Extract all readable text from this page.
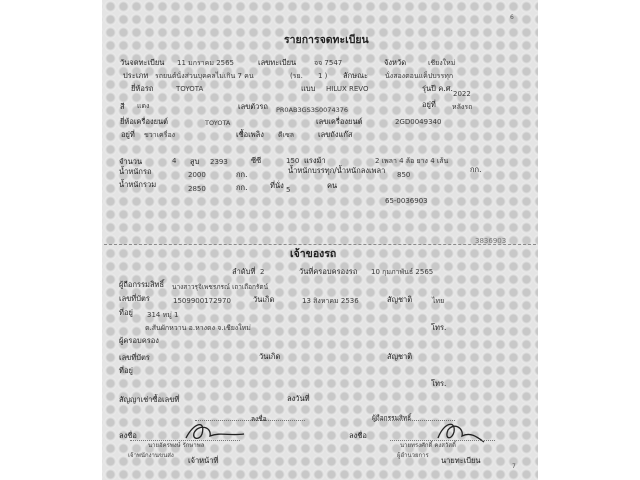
6
รายการจดทะเบียน
วันจดทะเบียน 11 มกราคม 2565	เลขทะเบียน	จจ 7547	จังหวัด	เชียงใหม่
ประเภท รถยนต์นั่งส่วนบุคคลไม่เกิน 7 คน	(รย. 1 ) ลักษณะ นั่งสองตอนแค็ปบรรทุก
ยี่ห้อรถ	TOYOTA	แบบ HILUX REVO	รุ่นปี ค.ศ.
2022
สี แดง	เลขตัวรถ PR0AB3GS3S0074376
อยู่ที่ หลังรถ
ยี่ห้อเครื่องยนต์	TOYOTA	เลขเครื่องยนต์	2GD0049340
อยู่ที่ ขวาเครื่อง	เชื้อเพลิง ดีเซล	เลขถังแก๊ส
จำนวน	4 สูบ 2393	ซีซี	150 แรงม้า	2 เพลา 4 ล้อ ยาง 4 เส้น
น้ำหนักรถ	2000	กก.	น้ำหนักบรรทุก/น้ำหนักลงเพลา 850
กก.
น้ำหนักรวม	2850	กก.	ที่นั่ง 5	คน
65-0036903
3836903
เจ้าของรถ
ลำดับที่ 2	วันที่ครอบครองรถ 10 กุมภาพันธ์ 2565
ผู้ถือกรรมสิทธิ์ นางสาวรุจิเพชรภรณ์ เถาเถือกรัตน์
เลขที่บัตร	1509900172970	วันเกิด	13 สิงหาคม 2536	สัญชาติ	ไทย
ที่อยู่ 314 หมู่ 1
ต.สันผักหวาน อ.หางดง จ.เชียงใหม่	โทร.
ผู้ครอบครอง
เลขที่บัตร	วันเกิด	สัญชาติ
ที่อยู่
โทร.
สัญญาเช่าซื้อเลขที่	ลงวันที่
ลงชื่อ	ผู้ถือกรรมสิทธิ์
ลงชื่อ	ลงชื่อ
นายอัครพงษ์ รักษาพล	นายทรงศักดิ์ คงสวัสดิ์
เจ้าพนักงานขนส่ง	ผู้อำนวยการ
เจ้าหน้าที่	นายทะเบียน
7
